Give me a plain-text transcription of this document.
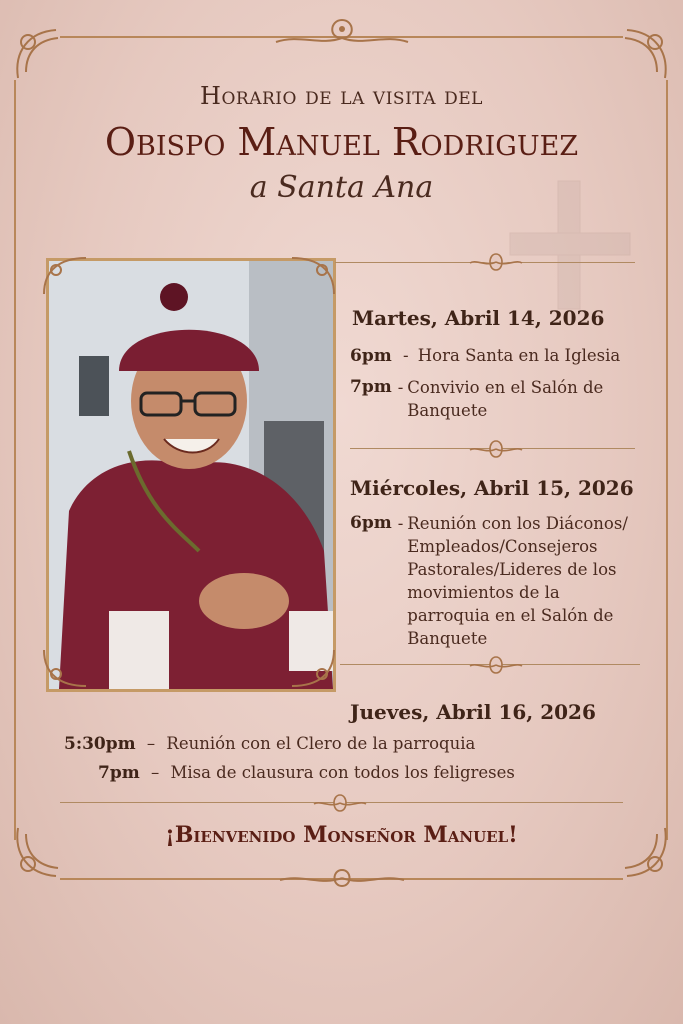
Horario de la visita del
Obispo Manuel Rodriguez
a Santa Ana
Martes, Abril 14, 2026
6pm - Hora Santa en la Iglesia
7pm - Convivio en el Salón de Banquete
Miércoles, Abril 15, 2026
6pm - Reunión con los Diáconos/ Empleados/Consejeros Pastorales/Lideres de los movimientos de la parroquia en el Salón de Banquete
Jueves, Abril 16, 2026
5:30pm – Reunión con el Clero de la parroquia
7pm – Misa de clausura con todos los feligreses
¡Bienvenido Monseñor Manuel!
